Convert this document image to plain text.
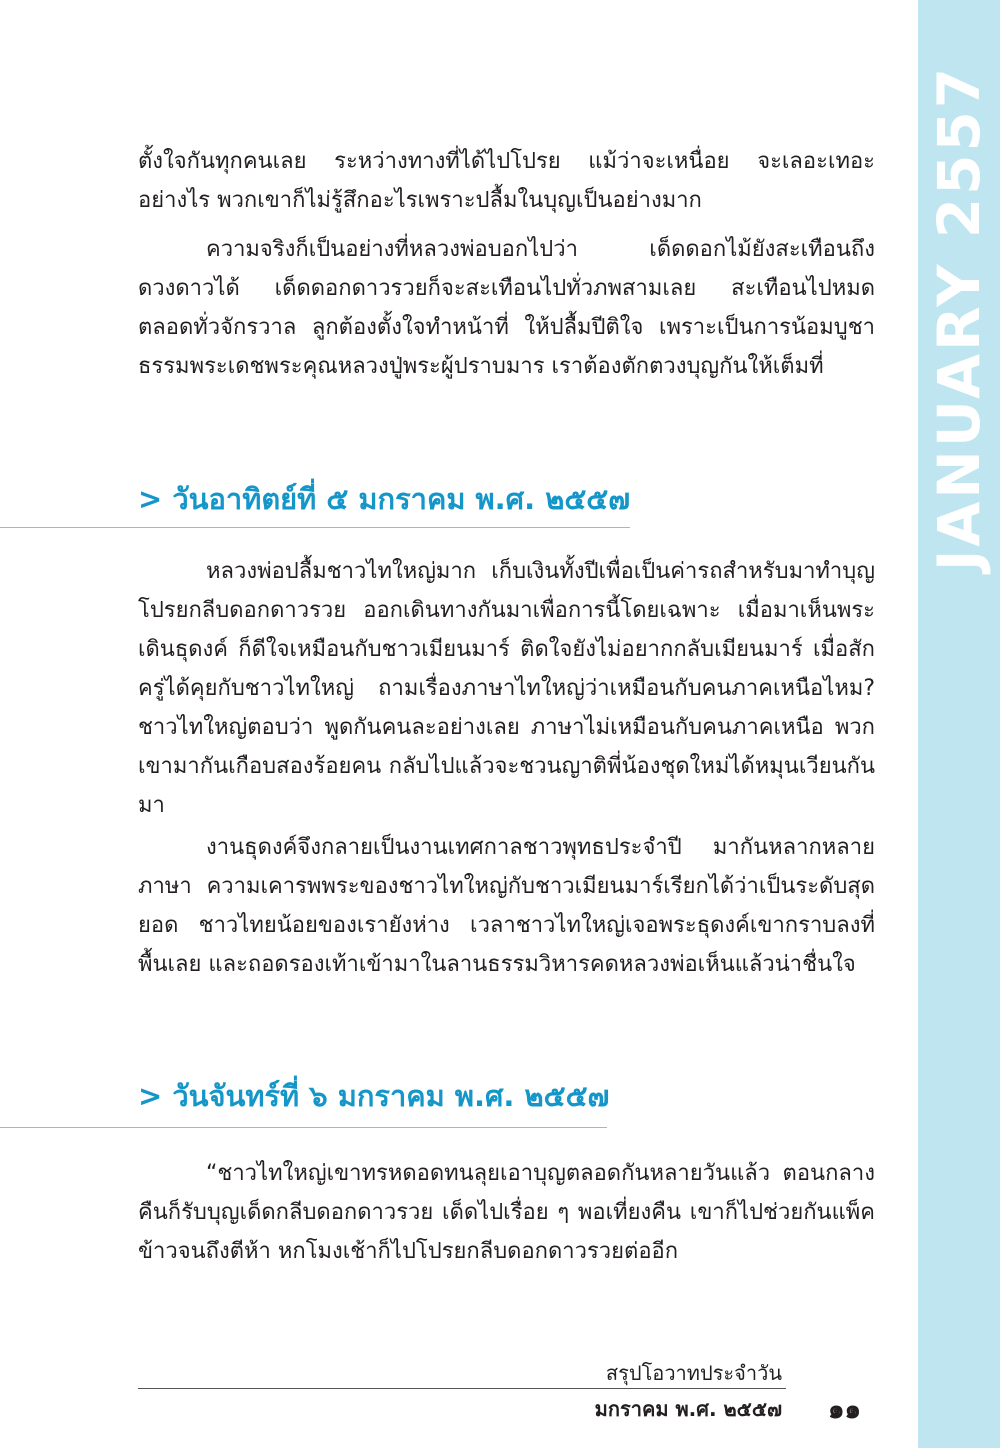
JANUARY 2557

ตั้งใจกันทุกคนเลย ระหว่างทางที่ได้ไปโปรย แม้ว่าจะเหนื่อย จะเลอะเทอะอย่างไร พวกเขาก็ไม่รู้สึกอะไรเพราะปลื้มในบุญเป็นอย่างมาก

ความจริงก็เป็นอย่างที่หลวงพ่อบอกไปว่า เด็ดดอกไม้ยังสะเทือนถึงดวงดาวได้ เด็ดดอกดาวรวยก็จะสะเทือนไปทั่วภพสามเลย สะเทือนไปหมด ตลอดทั่วจักรวาล ลูกต้องตั้งใจทำหน้าที่ ให้ปลื้มปีติใจ เพราะเป็นการน้อมบูชาธรรมพระเดชพระคุณหลวงปู่พระผู้ปราบมาร เราต้องตักตวงบุญกันให้เต็มที่

> วันอาทิตย์ที่ ๕ มกราคม พ.ศ. ๒๕๕๗

หลวงพ่อปลื้มชาวไทใหญ่มาก เก็บเงินทั้งปีเพื่อเป็นค่ารถสำหรับมาทำบุญโปรยกลีบดอกดาวรวย ออกเดินทางกันมาเพื่อการนี้โดยเฉพาะ เมื่อมาเห็นพระเดินธุดงค์ ก็ดีใจเหมือนกับชาวเมียนมาร์ ติดใจยังไม่อยากกลับเมียนมาร์ เมื่อสักครู่ได้คุยกับชาวไทใหญ่ ถามเรื่องภาษาไทใหญ่ว่าเหมือนกับคนภาคเหนือไหม? ชาวไทใหญ่ตอบว่า พูดกันคนละอย่างเลย ภาษาไม่เหมือนกับคนภาคเหนือ พวกเขามากันเกือบสองร้อยคน กลับไปแล้วจะชวนญาติพี่น้องชุดใหม่ได้หมุนเวียนกันมา

งานธุดงค์จึงกลายเป็นงานเทศกาลชาวพุทธประจำปี มากันหลากหลายภาษา ความเคารพพระของชาวไทใหญ่กับชาวเมียนมาร์เรียกได้ว่าเป็นระดับสุดยอด ชาวไทยน้อยของเรายังห่าง เวลาชาวไทใหญ่เจอพระธุดงค์เขากราบลงที่พื้นเลย และถอดรองเท้าเข้ามาในลานธรรมวิหารคดหลวงพ่อเห็นแล้วน่าชื่นใจ

> วันจันทร์ที่ ๖ มกราคม พ.ศ. ๒๕๕๗

“ชาวไทใหญ่เขาทรหดอดทนลุยเอาบุญตลอดกันหลายวันแล้ว ตอนกลางคืนก็รับบุญเด็ดกลีบดอกดาวรวย เด็ดไปเรื่อย ๆ พอเที่ยงคืน เขาก็ไปช่วยกันแพ็คข้าวจนถึงตีห้า หกโมงเช้าก็ไปโปรยกลีบดอกดาวรวยต่ออีก

สรุปโอวาทประจำวัน
มกราคม พ.ศ. ๒๕๕๗ ๑๑
